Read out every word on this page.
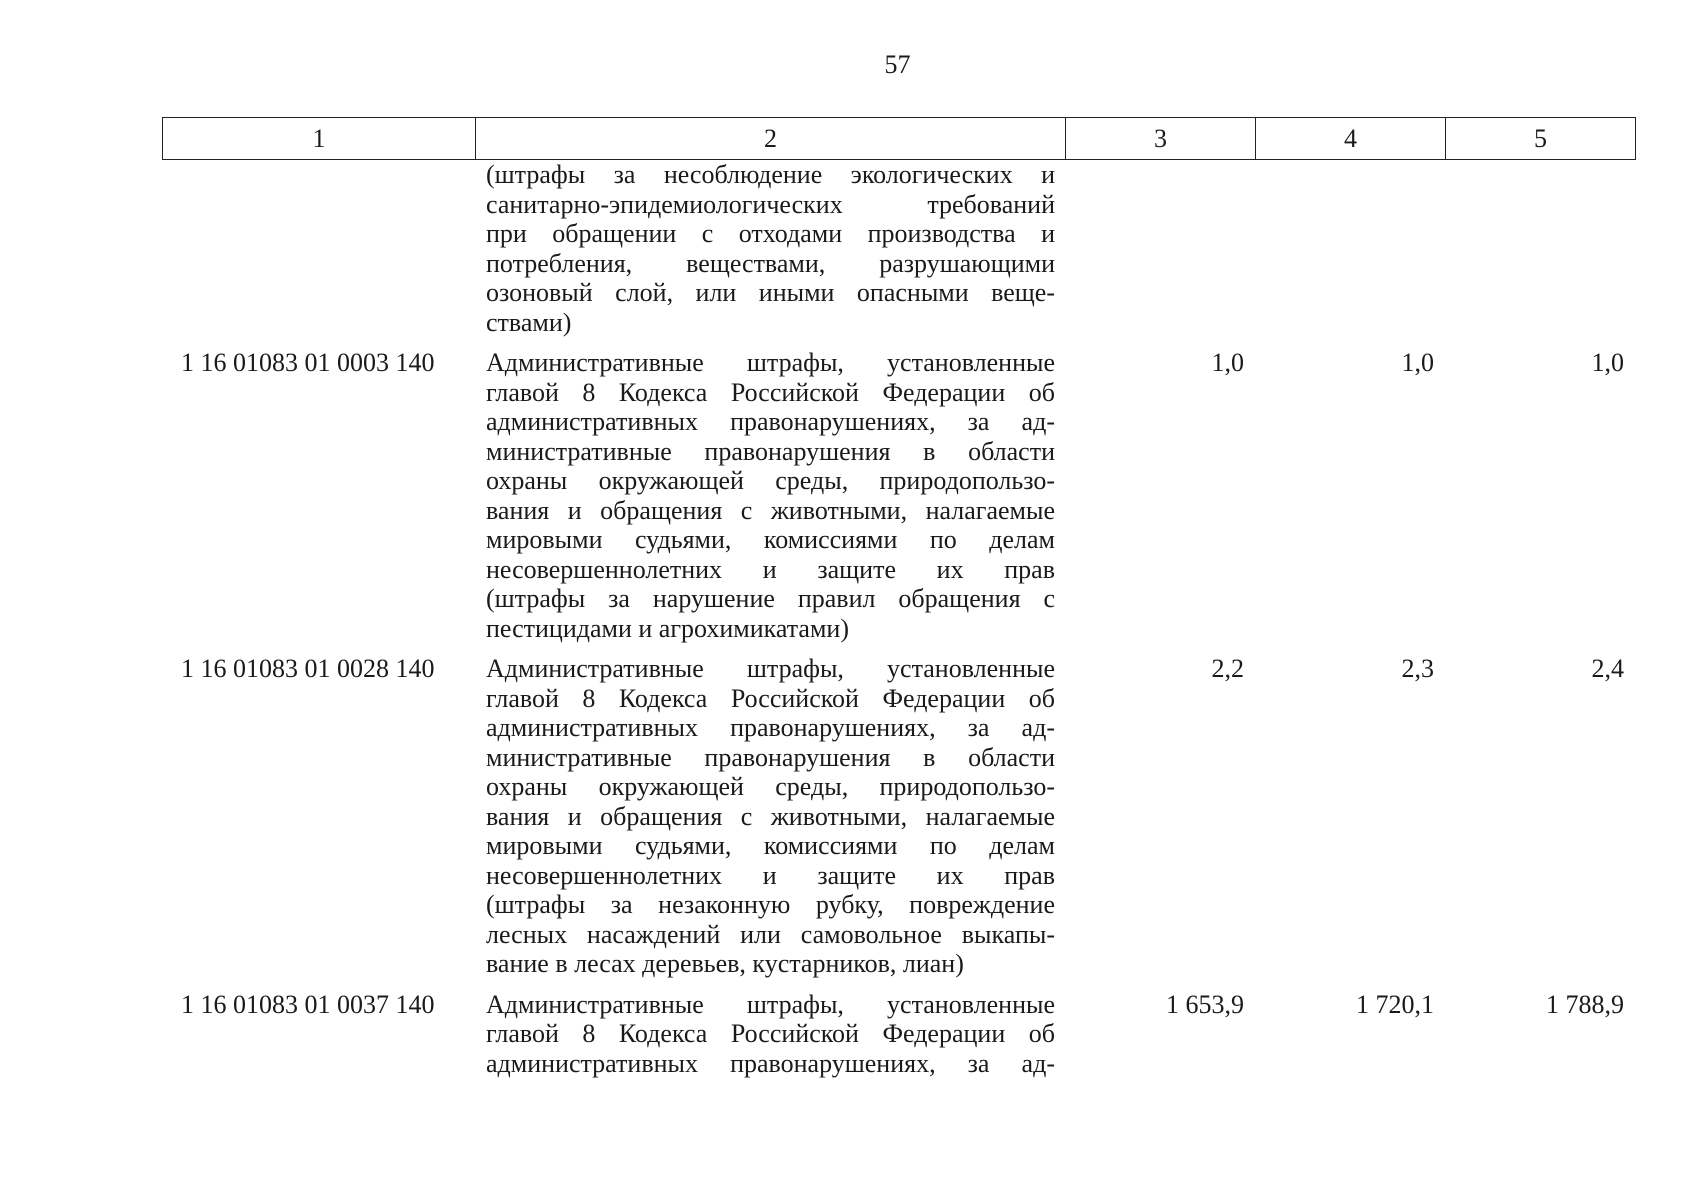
57
1	2	3	4	5
(штрафы за несоблюдение экологических и
санитарно-эпидемиологических требований
при обращении с отходами производства и
потребления, веществами, разрушающими
озоновый слой, или иными опасными веще-
ствами)
1 16 01083 01 0003 140	Административные штрафы, установленные
главой 8 Кодекса Российской Федерации об
административных правонарушениях, за ад-
министративные правонарушения в области
охраны окружающей среды, природопользо-
вания и обращения с животными, налагаемые
мировыми судьями, комиссиями по делам
несовершеннолетних и защите их прав
(штрафы за нарушение правил обращения с
пестицидами и агрохимикатами)
1,0	1,0	1,0
1 16 01083 01 0028 140	Административные штрафы, установленные
главой 8 Кодекса Российской Федерации об
административных правонарушениях, за ад-
министративные правонарушения в области
охраны окружающей среды, природопользо-
вания и обращения с животными, налагаемые
мировыми судьями, комиссиями по делам
несовершеннолетних и защите их прав
(штрафы за незаконную рубку, повреждение
лесных насаждений или самовольное выкапы-
вание в лесах деревьев, кустарников, лиан)
2,2	2,3	2,4
1 16 01083 01 0037 140	Административные штрафы, установленные
главой 8 Кодекса Российской Федерации об
административных правонарушениях, за ад-
1 653,9	1 720,1	1 788,9
